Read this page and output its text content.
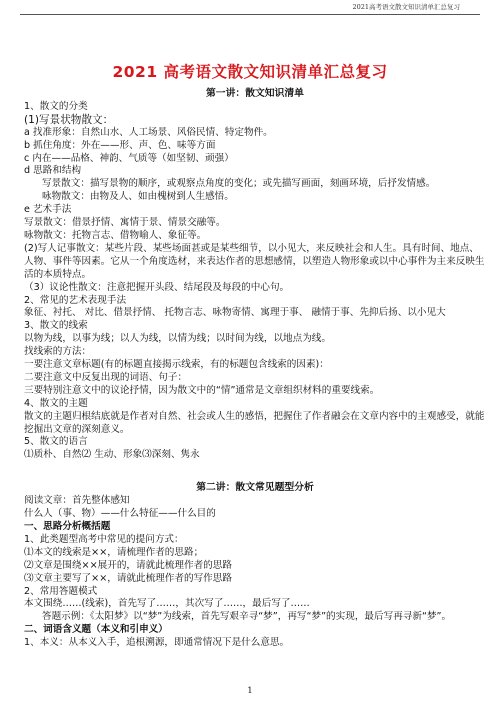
2021高考语文散文知识清单汇总复习
2021 高考语文散文知识清单汇总复习
第一讲：散文知识清单
1、散文的分类
(1)写景状物散文：
a 找准形象：自然山水、人工场景、风俗民情、特定物件。
b 抓住角度：外在——形、声、色、味等方面
c 内在——品格、神韵、气质等（如坚韧、顽强）
d 思路和结构
写景散文：描写景物的顺序，或观察点角度的变化；或先描写画面，刻画环境，后抒发情感。
咏物散文：由物及人、如由槐树到人生感悟。
e 艺术手法
写景散文：借景抒情、寓情于景、情景交融等。
咏物散文：托物言志、借物喻人、象征等。
(2)写人记事散文：某些片段、某些场面甚或是某些细节，以小见大，来反映社会和人生。具有时间、地点、人物、事件等因素。它从一个角度选材，来表达作者的思想感情，以塑造人物形象或以中心事件为主来反映生活的本质特点。
（3）议论性散文：注意把握开头段、结尾段及每段的中心句。
2、常见的艺术表现手法
象征、衬托、 对比、借景抒情、 托物言志、咏物寄情、寓理于事、 融情于事、先抑后扬、以小见大
3、散文的线索
以物为线，以事为线；以人为线，以情为线；以时间为线，以地点为线。
找线索的方法：
一要注意文章标题(有的标题直接揭示线索，有的标题包含线索的因素)：
二要注意文中反复出现的词语、句子：
三要特别注意文中的议论抒情，因为散文中的“情”通常是文章组织材料的重要线索。
4、散文的主题
散文的主题归根结底就是作者对自然、社会或人生的感悟，把握住了作者融会在文章内容中的主观感受，就能挖掘出文章的深刻意义。
5、散文的语言
⑴质朴、自然⑵ 生动、形象⑶深刻、隽永
第二讲：散文常见题型分析
阅读文章：首先整体感知
什么人（事、物）——什么特征——什么目的
一、思路分析概括题
1、此类题型高考中常见的提问方式：
⑴本文的线索是××，请梳理作者的思路；
⑵文章是围绕××展开的，请就此梳理作者的思路
⑶文章主要写了××，请就此梳理作者的写作思路
2、常用答题模式
本文围绕……(线索)，首先写了……，其次写了……，最后写了……
答题示例：《太阳梦》以“梦”为线索，首先写艰辛寻“梦”，再写“梦”的实现，最后写再寻新“梦”。
二、词语含义题（本义和引申义）
1、本义：从本义入手，追根溯源，即通常情况下是什么意思。
1
